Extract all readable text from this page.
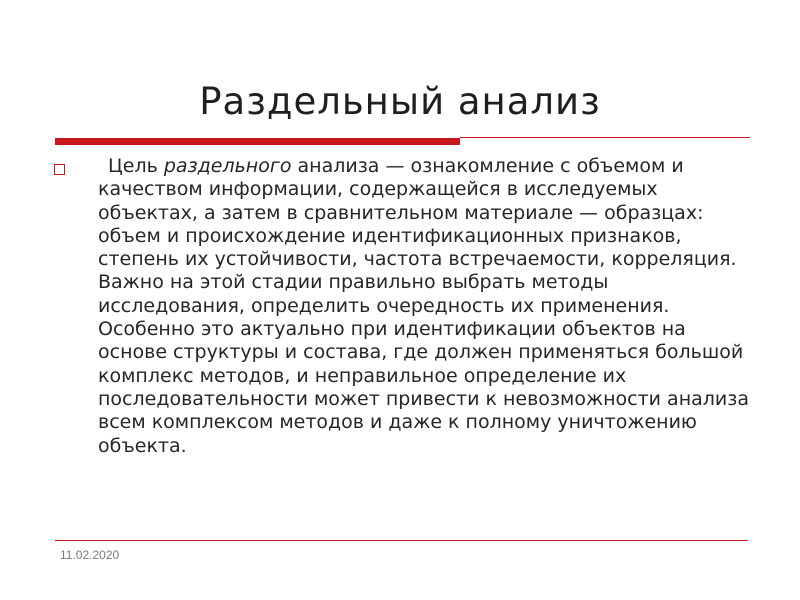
Раздельный анализ

Цель раздельного анализа — ознакомление с объемом и качеством информации, содержащейся в исследуемых объектах, а затем в сравнительном материале — образцах: объем и происхождение идентификационных признаков, степень их устойчивости, частота встречаемости, корреляция. Важно на этой стадии правильно выбрать методы исследования, определить очередность их применения. Особенно это актуально при идентификации объектов на основе структуры и состава, где должен применяться большой комплекс методов, и неправильное определение их последовательности может привести к невозможности анализа всем комплексом методов и даже к полному уничтожению объекта.

11.02.2020
